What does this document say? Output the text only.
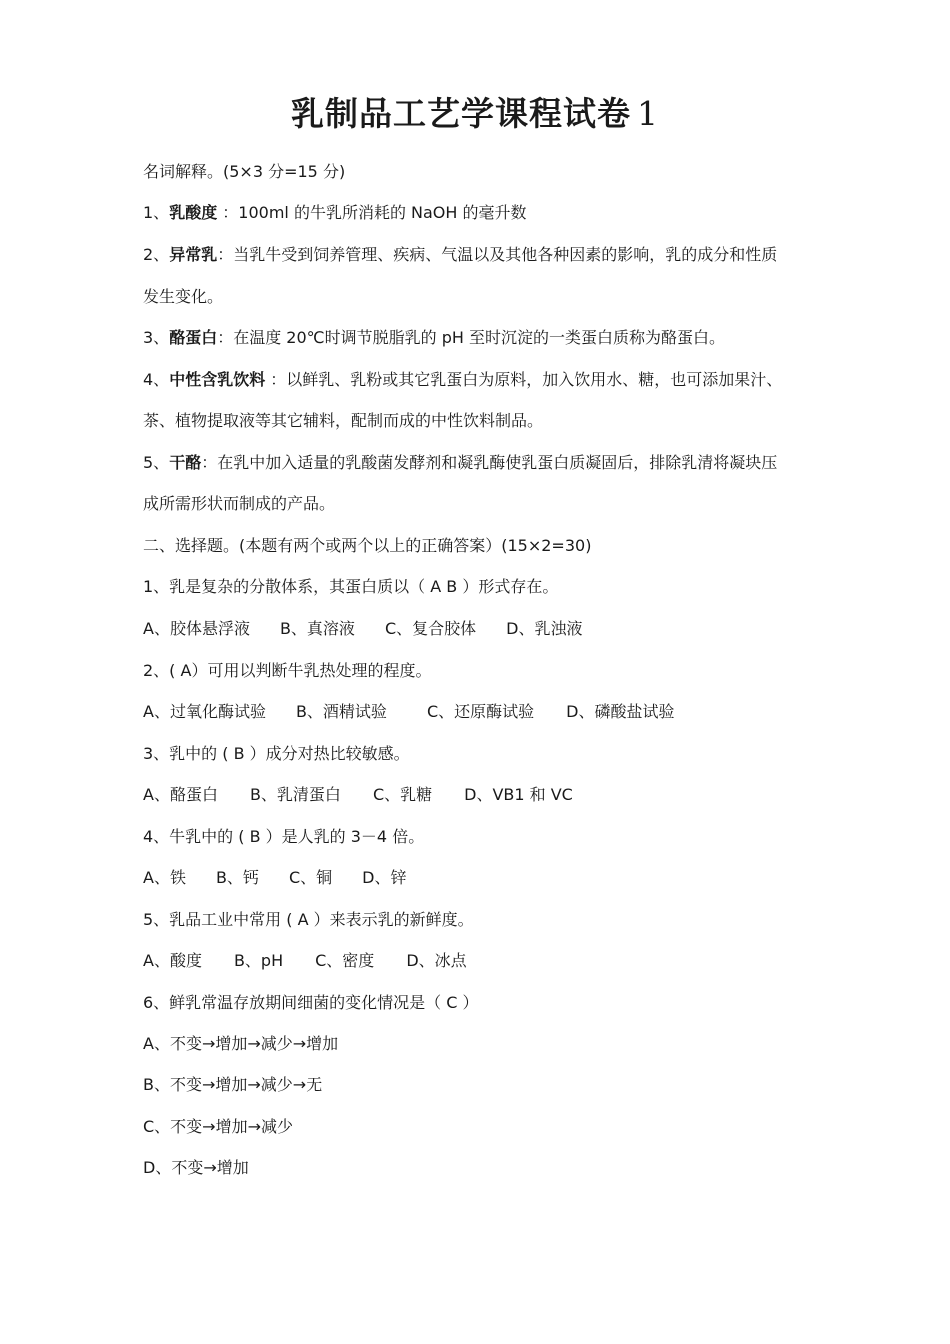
乳制品工艺学课程试卷 1
名词解释。(5×3 分=15 分)
1、乳酸度 ：100ml 的牛乳所消耗的 NaOH 的毫升数
2、异常乳：当乳牛受到饲养管理、疾病、气温以及其他各种因素的影响，乳的成分和性质
发生变化。
3、酪蛋白：在温度 20℃时调节脱脂乳的 pH 至时沉淀的一类蛋白质称为酪蛋白。
4、中性含乳饮料 ：以鲜乳、乳粉或其它乳蛋白为原料，加入饮用水、糖，也可添加果汁、
茶、植物提取液等其它辅料，配制而成的中性饮料制品。
5、干酪：在乳中加入适量的乳酸菌发酵剂和凝乳酶使乳蛋白质凝固后，排除乳清将凝块压
成所需形状而制成的产品。
二、选择题。(本题有两个或两个以上的正确答案）(15×2=30)
1、乳是复杂的分散体系，其蛋白质以（ A B ）形式存在。
A、胶体悬浮液 B、真溶液 C、复合胶体 D、乳浊液
2、( A）可用以判断牛乳热处理的程度。
A、过氧化酶试验 B、酒精试验	C、还原酶试验 D、磷酸盐试验
3、乳中的 ( B ）成分对热比较敏感。
A、酪蛋白 B、乳清蛋白 C、乳糖 D、VB1 和 VC
4、牛乳中的 ( B ）是人乳的 3－4 倍。
A、铁 B、钙 C、铜 D、锌
5、乳品工业中常用 ( A ）来表示乳的新鲜度。
A、酸度 B、pH C、密度 D、冰点
6、鲜乳常温存放期间细菌的变化情况是（ C ）
A、不变→增加→减少→增加
B、不变→增加→减少→无
C、不变→增加→减少
D、不变→增加
